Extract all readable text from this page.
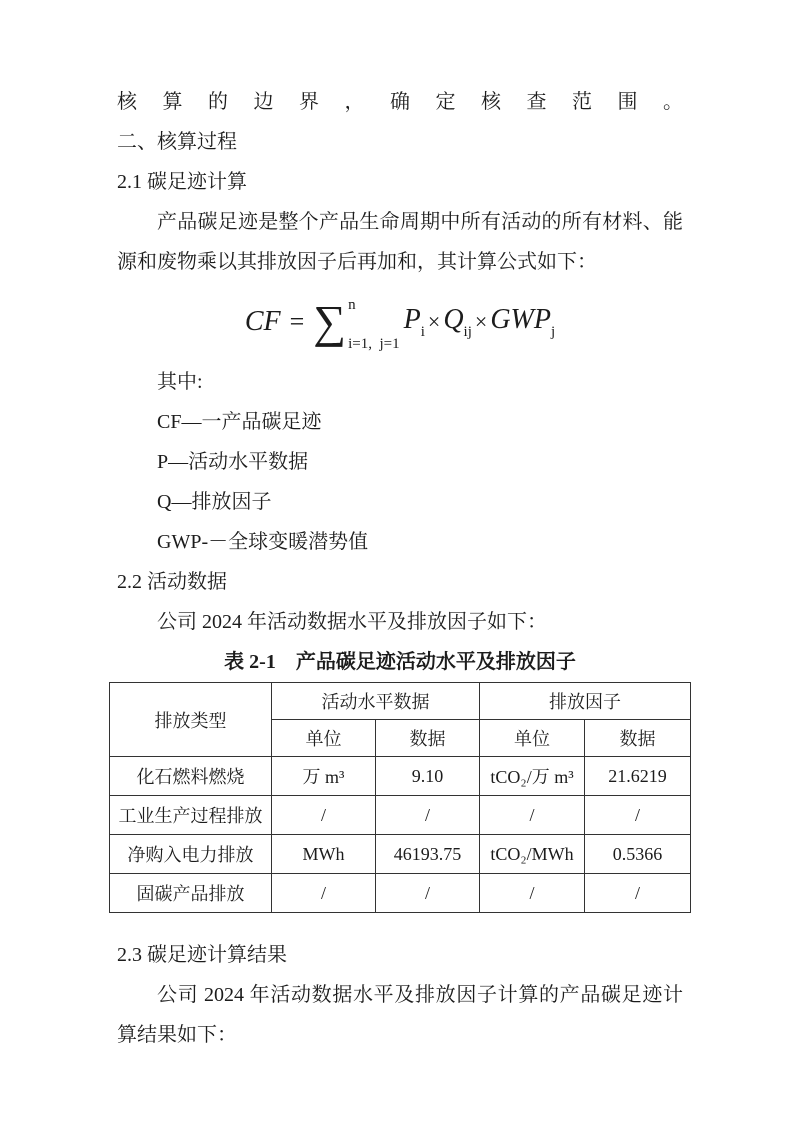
核算的边界，确定核查范围。
二、核算过程
2.1 碳足迹计算
产品碳足迹是整个产品生命周期中所有活动的所有材料、能
源和废物乘以其排放因子后再加和，其计算公式如下：
CF = ∑ n
i=1,  j=1
$P_i \times Q_{ij} \times GWP_j$
其中:
CF—一产品碳足迹
P—活动水平数据
Q—排放因子
GWP-－全球变暖潜势值
2.2 活动数据
公司 2024 年活动数据水平及排放因子如下：
表 2-1　产品碳足迹活动水平及排放因子
排放类型	活动水平数据		排放因子	
	单位	数据	单位	数据
化石燃料燃烧	万 m³	9.10	tCO₂/万 m³	21.6219
工业生产过程排放	/	/	/	/
净购入电力排放	MWh	46193.75	tCO₂/MWh	0.5366
固碳产品排放	/	/	/	/
2.3 碳足迹计算结果
公司 2024 年活动数据水平及排放因子计算的产品碳足迹计
算结果如下：
